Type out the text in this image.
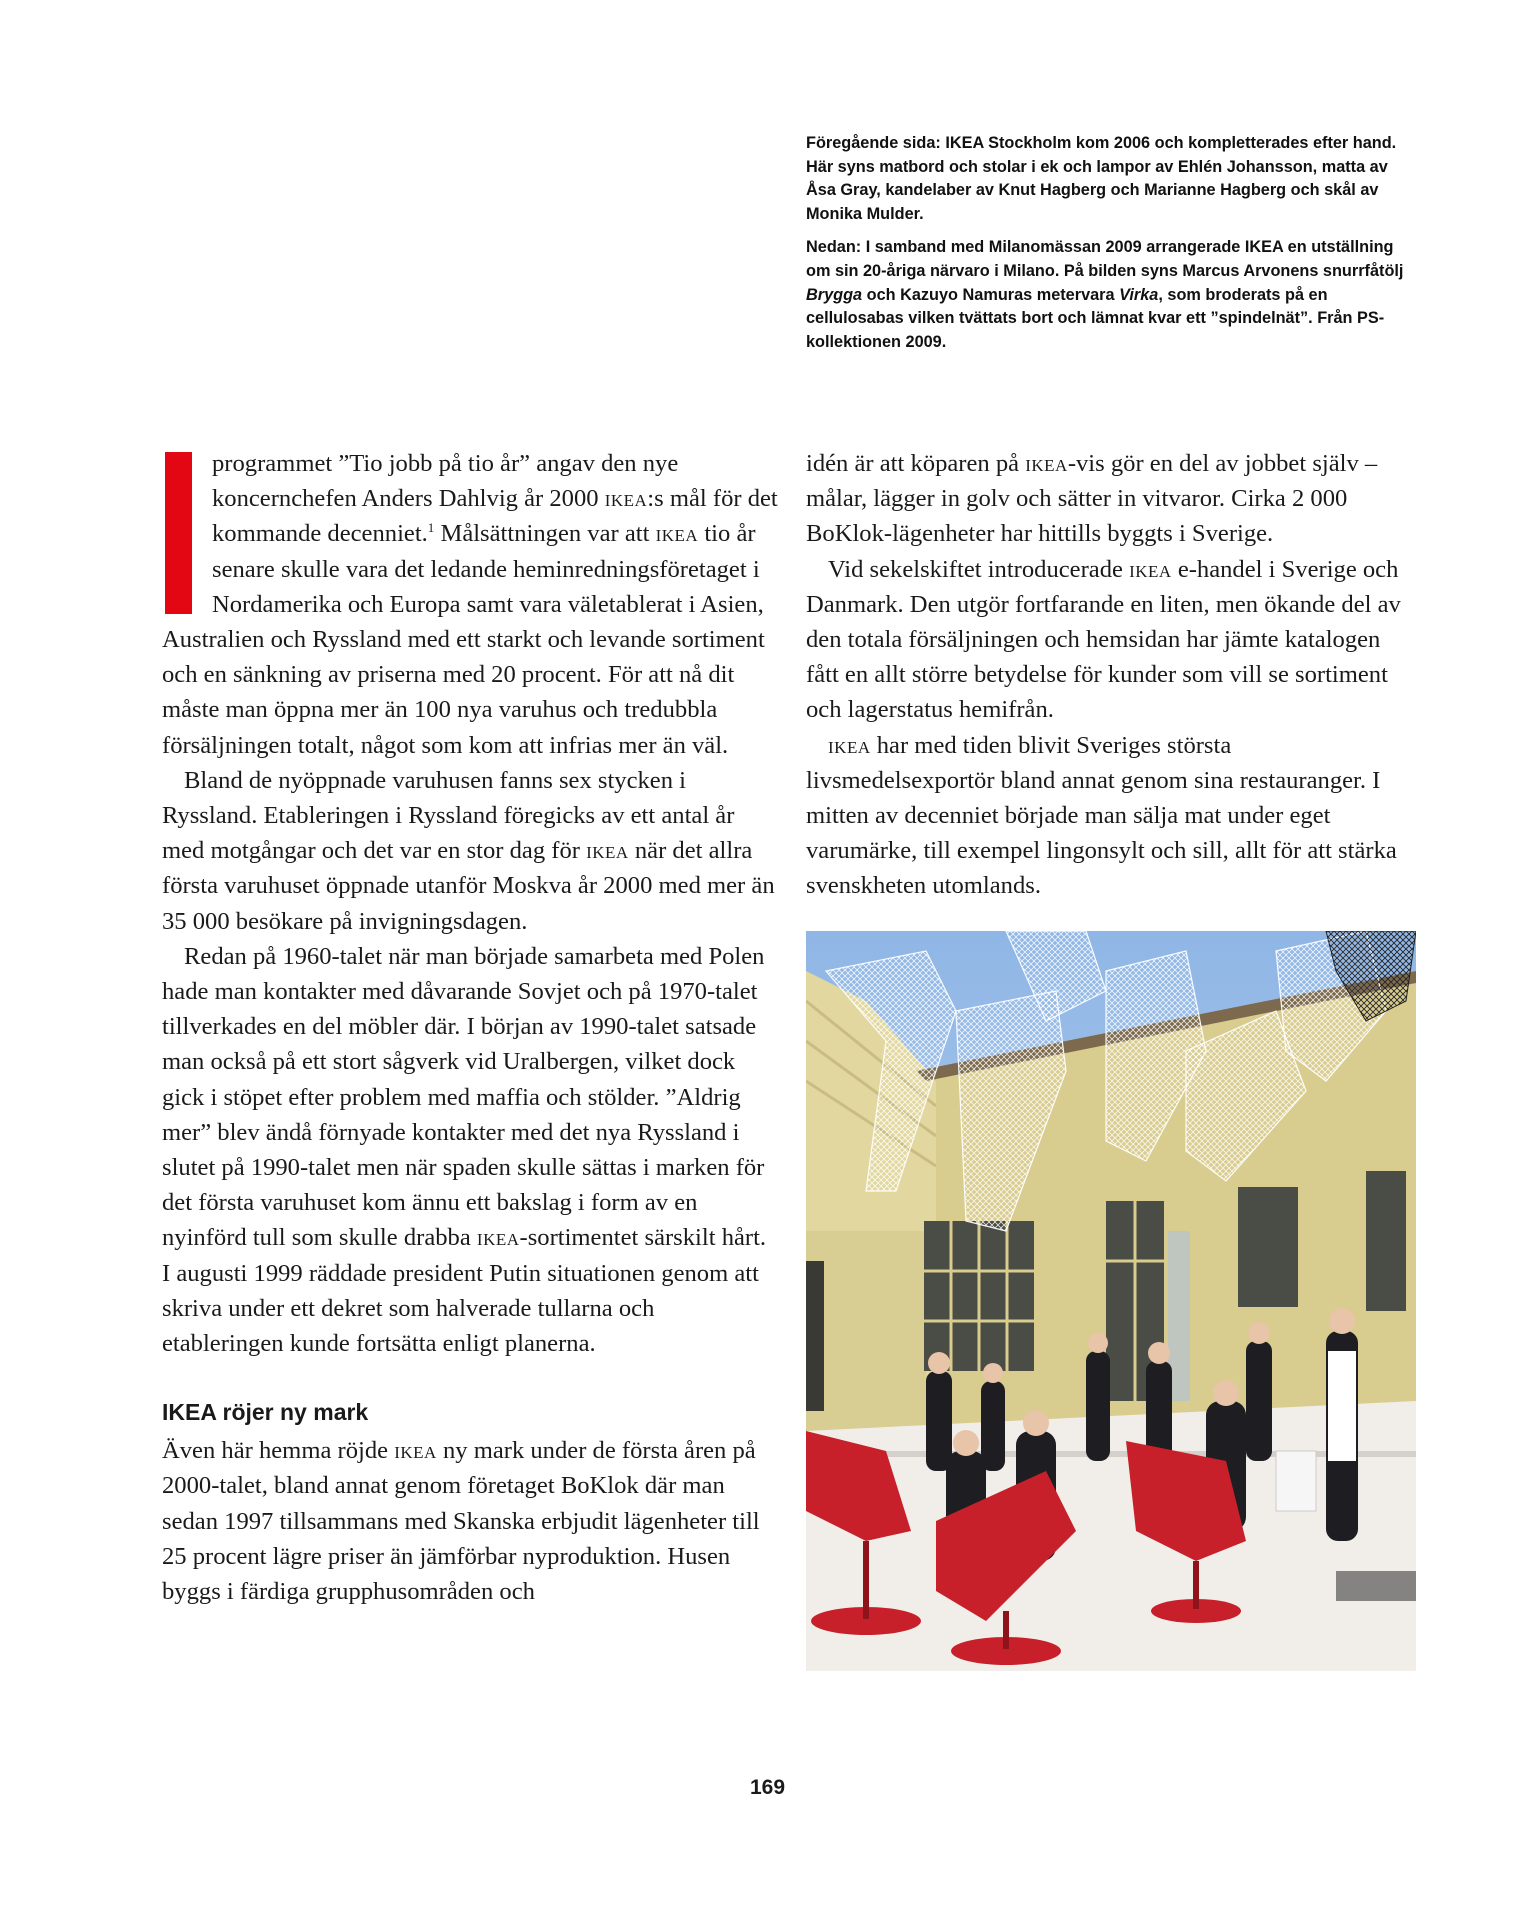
Föregående sida: IKEA Stockholm kom 2006 och kompletterades efter hand. Här syns matbord och stolar i ek och lampor av Ehlén Johansson, matta av Åsa Gray, kandelaber av Knut Hagberg och Marianne Hagberg och skål av Monika Mulder.

Nedan: I samband med Milanomässan 2009 arrangerade IKEA en utställning om sin 20-åriga närvaro i Milano. På bilden syns Marcus Arvonens snurrfåtölj Brygga och Kazuyo Namuras metervara Virka, som broderats på en cellulosabas vilken tvättats bort och lämnat kvar ett ”spindelnät”. Från PS-kollektionen 2009.

programmet ”Tio jobb på tio år” angav den nye koncernchefen Anders Dahlvig år 2000 ikea:s mål för det kommande decenniet.$^1$ Målsättningen var att ikea tio år senare skulle vara det ledande heminredningsföretaget i Nordamerika och Europa samt vara väletablerat i Asien, Australien och Ryssland med ett starkt och levande sortiment och en sänkning av priserna med 20 procent. För att nå dit måste man öppna mer än 100 nya varuhus och tredubbla försäljningen totalt, något som kom att infrias mer än väl.

Bland de nyöppnade varuhusen fanns sex stycken i Ryssland. Etableringen i Ryssland föregicks av ett antal år med motgångar och det var en stor dag för ikea när det allra första varuhuset öppnade utanför Moskva år 2000 med mer än 35 000 besökare på invigningsdagen.

Redan på 1960-talet när man började samarbeta med Polen hade man kontakter med dåvarande Sovjet och på 1970-talet tillverkades en del möbler där. I början av 1990-talet satsade man också på ett stort sågverk vid Uralbergen, vilket dock gick i stöpet efter problem med maffia och stölder. ”Aldrig mer” blev ändå förnyade kontakter med det nya Ryssland i slutet på 1990-talet men när spaden skulle sättas i marken för det första varuhuset kom ännu ett bakslag i form av en nyinförd tull som skulle drabba ikea-sortimentet särskilt hårt. I augusti 1999 räddade president Putin situationen genom att skriva under ett dekret som halverade tullarna och etableringen kunde fortsätta enligt planerna.

IKEA röjer ny mark

Även här hemma röjde ikea ny mark under de första åren på 2000-talet, bland annat genom företaget BoKlok där man sedan 1997 tillsammans med Skanska erbjudit lägenheter till 25 procent lägre priser än jämförbar nyproduktion. Husen byggs i färdiga grupphusområden och

idén är att köparen på ikea-vis gör en del av jobbet själv – målar, lägger in golv och sätter in vitvaror. Cirka 2 000 BoKlok-lägenheter har hittills byggts i Sverige.

Vid sekelskiftet introducerade ikea e-handel i Sverige och Danmark. Den utgör fortfarande en liten, men ökande del av den totala försäljningen och hemsidan har jämte katalogen fått en allt större betydelse för kunder som vill se sortiment och lagerstatus hemifrån.

ikea har med tiden blivit Sveriges största livsmedelsexportör bland annat genom sina restauranger. I mitten av decenniet började man sälja mat under eget varumärke, till exempel lingonsylt och sill, allt för att stärka svenskheten utomlands.

169
